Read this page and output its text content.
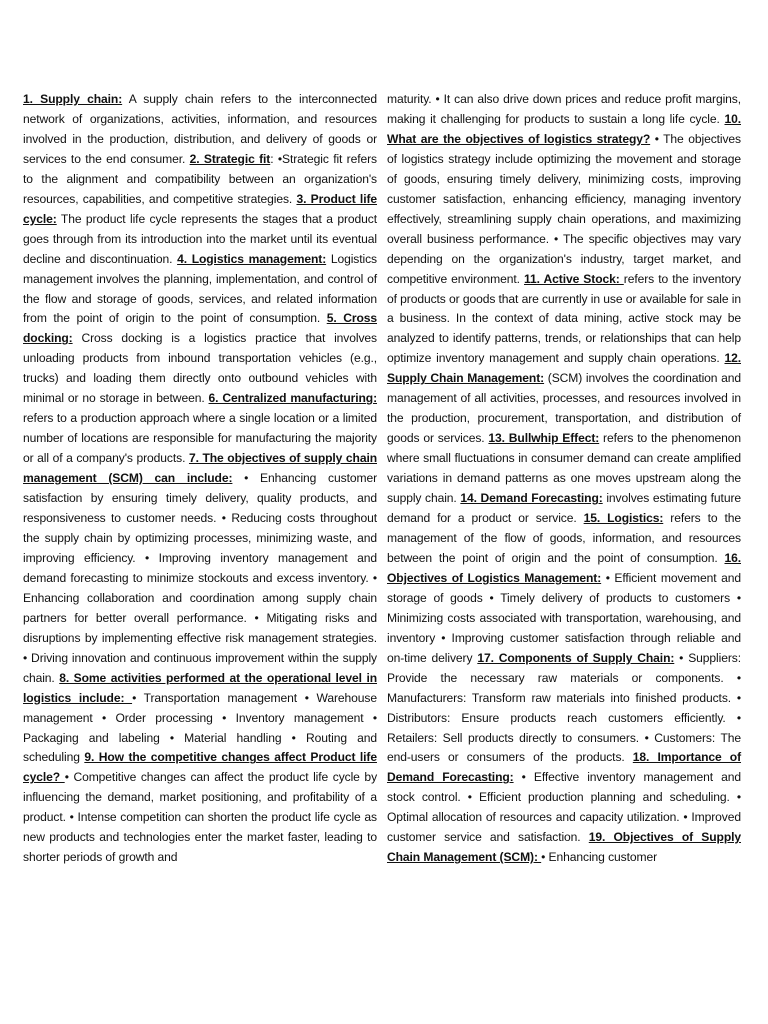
1. Supply chain: A supply chain refers to the interconnected network of organizations, activities, information, and resources involved in the production, distribution, and delivery of goods or services to the end consumer. 2. Strategic fit: •Strategic fit refers to the alignment and compatibility between an organization's resources, capabilities, and competitive strategies. 3. Product life cycle: The product life cycle represents the stages that a product goes through from its introduction into the market until its eventual decline and discontinuation. 4. Logistics management: Logistics management involves the planning, implementation, and control of the flow and storage of goods, services, and related information from the point of origin to the point of consumption. 5. Cross docking: Cross docking is a logistics practice that involves unloading products from inbound transportation vehicles (e.g., trucks) and loading them directly onto outbound vehicles with minimal or no storage in between. 6. Centralized manufacturing: refers to a production approach where a single location or a limited number of locations are responsible for manufacturing the majority or all of a company's products. 7. The objectives of supply chain management (SCM) can include: • Enhancing customer satisfaction by ensuring timely delivery, quality products, and responsiveness to customer needs. • Reducing costs throughout the supply chain by optimizing processes, minimizing waste, and improving efficiency. • Improving inventory management and demand forecasting to minimize stockouts and excess inventory. • Enhancing collaboration and coordination among supply chain partners for better overall performance. • Mitigating risks and disruptions by implementing effective risk management strategies. • Driving innovation and continuous improvement within the supply chain. 8. Some activities performed at the operational level in logistics include: • Transportation management • Warehouse management • Order processing • Inventory management • Packaging and labeling • Material handling • Routing and scheduling 9. How the competitive changes affect Product life cycle? • Competitive changes can affect the product life cycle by influencing the demand, market positioning, and profitability of a product. • Intense competition can shorten the product life cycle as new products and technologies enter the market faster, leading to shorter periods of growth and

maturity. • It can also drive down prices and reduce profit margins, making it challenging for products to sustain a long life cycle. 10. What are the objectives of logistics strategy? • The objectives of logistics strategy include optimizing the movement and storage of goods, ensuring timely delivery, minimizing costs, improving customer satisfaction, enhancing efficiency, managing inventory effectively, streamlining supply chain operations, and maximizing overall business performance. • The specific objectives may vary depending on the organization's industry, target market, and competitive environment. 11. Active Stock: refers to the inventory of products or goods that are currently in use or available for sale in a business. In the context of data mining, active stock may be analyzed to identify patterns, trends, or relationships that can help optimize inventory management and supply chain operations. 12. Supply Chain Management: (SCM) involves the coordination and management of all activities, processes, and resources involved in the production, procurement, transportation, and distribution of goods or services. 13. Bullwhip Effect: refers to the phenomenon where small fluctuations in consumer demand can create amplified variations in demand patterns as one moves upstream along the supply chain. 14. Demand Forecasting: involves estimating future demand for a product or service. 15. Logistics: refers to the management of the flow of goods, information, and resources between the point of origin and the point of consumption. 16. Objectives of Logistics Management: • Efficient movement and storage of goods • Timely delivery of products to customers • Minimizing costs associated with transportation, warehousing, and inventory • Improving customer satisfaction through reliable and on-time delivery 17. Components of Supply Chain: • Suppliers: Provide the necessary raw materials or components. • Manufacturers: Transform raw materials into finished products. • Distributors: Ensure products reach customers efficiently. • Retailers: Sell products directly to consumers. • Customers: The end-users or consumers of the products. 18. Importance of Demand Forecasting: • Effective inventory management and stock control. • Efficient production planning and scheduling. • Optimal allocation of resources and capacity utilization. • Improved customer service and satisfaction. 19. Objectives of Supply Chain Management (SCM): • Enhancing customer
